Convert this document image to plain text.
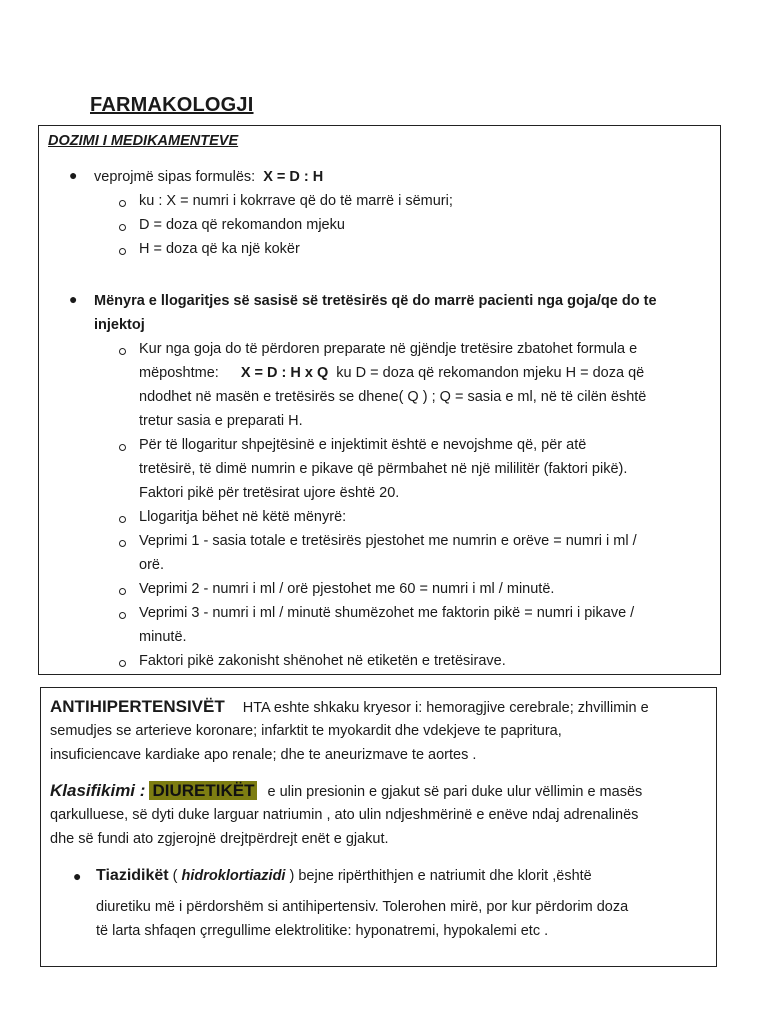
FARMAKOLOGJI
DOZIMI I MEDIKAMENTEVE
● veprojmë sipas formulës: X = D : H
ku : X = numri i kokrrave që do të marrë i sëmuri;
D = doza që rekomandon mjeku
H = doza që ka një kokër
● Mënyra e llogaritjes së sasisë së tretësirës që do marrë pacienti nga goja/qe do te
injektoj
Kur nga goja do të përdoren preparate në gjëndje tretësire zbatohet formula e
mëposhtme: X = D : H x Q ku D = doza që rekomandon mjeku H = doza që
ndodhet në masën e tretësirës se dhene( Q ) ; Q = sasia e ml, në të cilën është
tretur sasia e preparati H.
Për të llogaritur shpejtësinë e injektimit është e nevojshme që, për atë
tretësirë, të dimë numrin e pikave që përmbahet në një mililitër (faktori pikë).
Faktori pikë për tretësirat ujore është 20.
Llogaritja bëhet në këtë mënyrë:
Veprimi 1 - sasia totale e tretësirës pjestohet me numrin e orëve = numri i ml /
orë.
Veprimi 2 - numri i ml / orë pjestohet me 60 = numri i ml / minutë.
Veprimi 3 - numri i ml / minutë shumëzohet me faktorin pikë = numri i pikave /
minutë.
Faktori pikë zakonisht shënohet në etiketën e tretësirave.
ANTIHIPERTENSIVËT HTA eshte shkaku kryesor i: hemoragjive cerebrale; zhvillimin e
semudjes se arterieve koronare; infarktit te myokardit dhe vdekjeve te papritura,
insuficiencave kardiake apo renale; dhe te aneurizmave te aortes .
Klasifikimi : DIURETIKËT e ulin presionin e gjakut së pari duke ulur vëllimin e masës
qarkulluese, së dyti duke larguar natriumin , ato ulin ndjeshmërinë e enëve ndaj adrenalinës
dhe së fundi ato zgjerojnë drejtpërdrejt enët e gjakut.
● Tiazidikët ( hidroklortiazidi ) bejne ripërthithjen e natriumit dhe klorit ,është
diuretiku më i përdorshëm si antihipertensiv. Tolerohen mirë, por kur përdorim doza
të larta shfaqen çrregullime elektrolitike: hyponatremi, hypokalemi etc .
